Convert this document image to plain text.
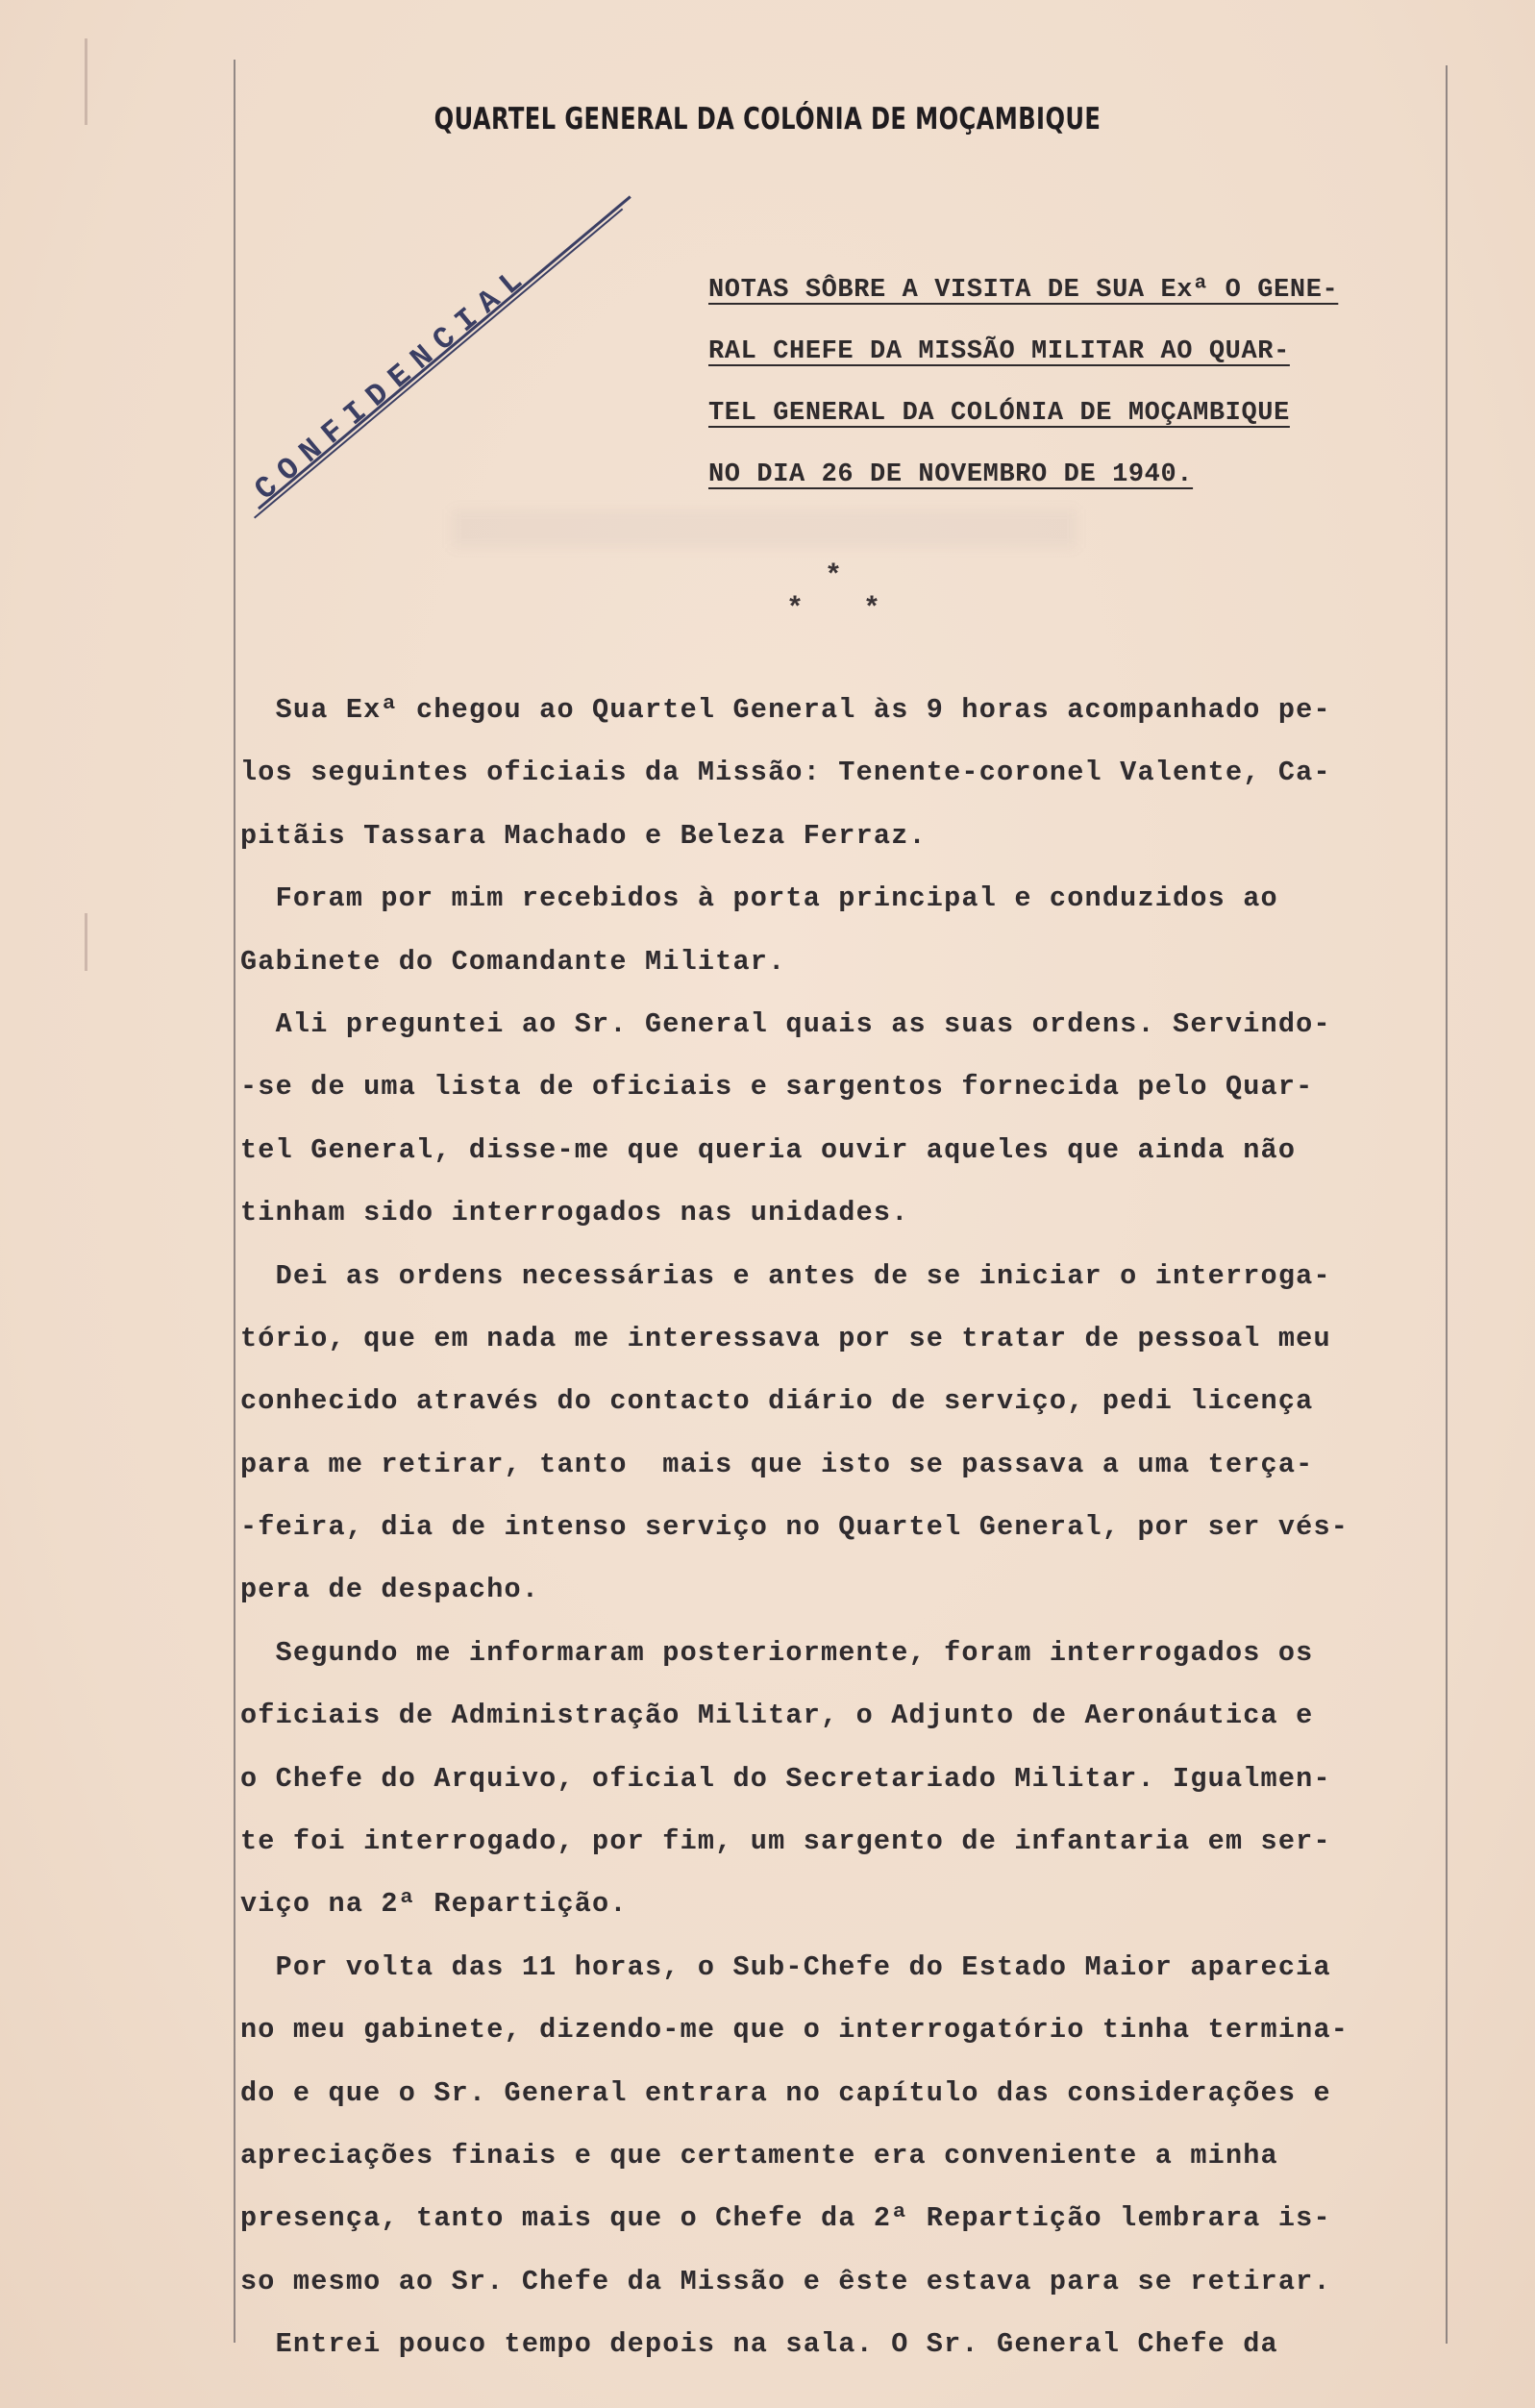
QUARTEL GENERAL DA COLÓNIA DE MOÇAMBIQUE
CONFIDENCIAL	NOTAS SÔBRE A VISITA DE SUA Exª O GENE-
RAL CHEFE DA MISSÃO MILITAR AO QUAR-
TEL GENERAL DA COLÓNIA DE MOÇAMBIQUE
NO DIA 26 DE NOVEMBRO DE 1940.
*
* *
Sua Exª chegou ao Quartel General às 9 horas acompanhado pe-
los seguintes oficiais da Missão: Tenente-coronel Valente, Ca-
pitãis Tassara Machado e Beleza Ferraz.
Foram por mim recebidos à porta principal e conduzidos ao
Gabinete do Comandante Militar.
Ali preguntei ao Sr. General quais as suas ordens. Servindo-
-se de uma lista de oficiais e sargentos fornecida pelo Quar-
tel General, disse-me que queria ouvir aqueles que ainda não
tinham sido interrogados nas unidades.
Dei as ordens necessárias e antes de se iniciar o interroga-
tório, que em nada me interessava por se tratar de pessoal meu
conhecido através do contacto diário de serviço, pedi licença
para me retirar, tanto  mais que isto se passava a uma terça-
-feira, dia de intenso serviço no Quartel General, por ser vés-
pera de despacho.
Segundo me informaram posteriormente, foram interrogados os
oficiais de Administração Militar, o Adjunto de Aeronáutica e
o Chefe do Arquivo, oficial do Secretariado Militar. Igualmen-
te foi interrogado, por fim, um sargento de infantaria em ser-
viço na 2ª Repartição.
Por volta das 11 horas, o Sub-Chefe do Estado Maior aparecia
no meu gabinete, dizendo-me que o interrogatório tinha termina-
do e que o Sr. General entrara no capítulo das considerações e
apreciações finais e que certamente era conveniente a minha
presença, tanto mais que o Chefe da 2ª Repartição lembrara is-
so mesmo ao Sr. Chefe da Missão e êste estava para se retirar.
Entrei pouco tempo depois na sala. O Sr. General Chefe da
